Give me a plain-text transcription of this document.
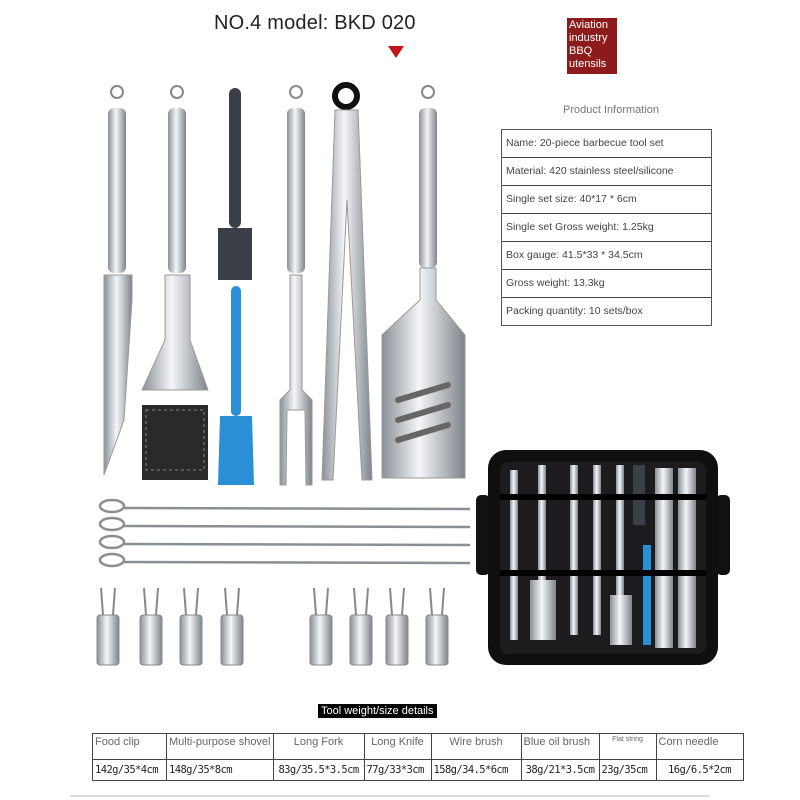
NO.4 model: BKD 020	Aviation industry BBQ utensils
Product Information
Name: 20-piece barbecue tool set
Material: 420 stainless steel/silicone
Single set size: 40*17 * 6cm
Single set Gross weight: 1.25kg
Box gauge: 41.5*33 * 34.5cm
Gross weight: 13.3kg
Packing quantity: 10 sets/box
Tool weight/size details
Food clip	Multi-purpose shovel	Long Fork	Long Knife	Wire brush	Blue oil brush	Flat string	Corn needle
142g/35*4cm	148g/35*8cm	83g/35.5*3.5cm	77g/33*3cm	158g/34.5*6cm	38g/21*3.5cm	23g/35cm	16g/6.5*2cm
